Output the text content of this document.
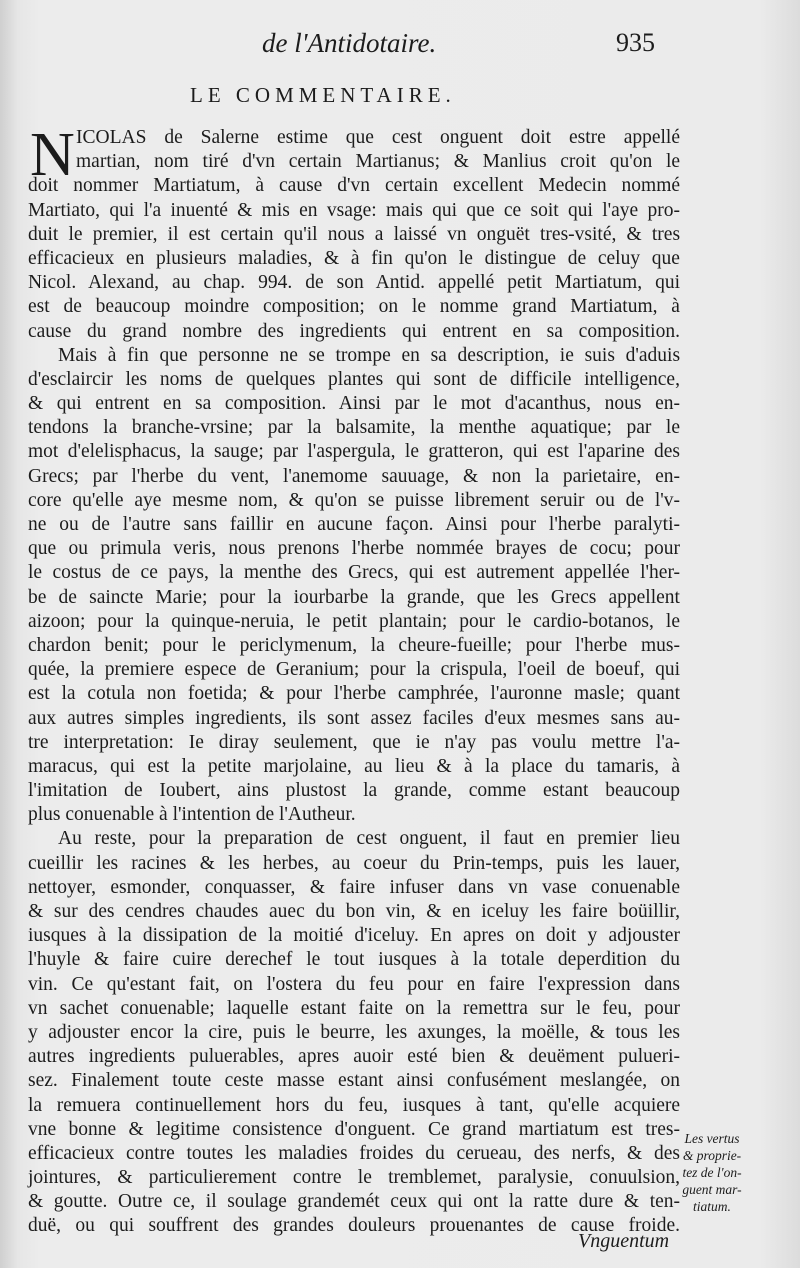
de l'Antidotaire.	935
LE COMMENTAIRE.
N ICOLAS de Salerne estime que cest onguent doit estre appellé
martian, nom tiré d'vn certain Martianus; & Manlius croit qu'on le
doit nommer Martiatum, à cause d'vn certain excellent Medecin nommé
Martiato, qui l'a inuenté & mis en vsage: mais qui que ce soit qui l'aye pro-
duit le premier, il est certain qu'il nous a laissé vn onguët tres-vsité, & tres
efficacieux en plusieurs maladies, & à fin qu'on le distingue de celuy que
Nicol. Alexand, au chap. 994. de son Antid. appellé petit Martiatum, qui
est de beaucoup moindre composition; on le nomme grand Martiatum, à
cause du grand nombre des ingredients qui entrent en sa composition.
Mais à fin que personne ne se trompe en sa description, ie suis d'aduis
d'esclaircir les noms de quelques plantes qui sont de difficile intelligence,
& qui entrent en sa composition. Ainsi par le mot d'acanthus, nous en-
tendons la branche-vrsine; par la balsamite, la menthe aquatique; par le
mot d'elelisphacus, la sauge; par l'aspergula, le gratteron, qui est l'aparine des
Grecs; par l'herbe du vent, l'anemome sauuage, & non la parietaire, en-
core qu'elle aye mesme nom, & qu'on se puisse librement seruir ou de l'v-
ne ou de l'autre sans faillir en aucune façon. Ainsi pour l'herbe paralyti-
que ou primula veris, nous prenons l'herbe nommée brayes de cocu; pour
le costus de ce pays, la menthe des Grecs, qui est autrement appellée l'her-
be de saincte Marie; pour la iourbarbe la grande, que les Grecs appellent
aizoon; pour la quinque-neruia, le petit plantain; pour le cardio-botanos, le
chardon benit; pour le periclymenum, la cheure-fueille; pour l'herbe mus-
quée, la premiere espece de Geranium; pour la crispula, l'oeil de boeuf, qui
est la cotula non foetida; & pour l'herbe camphrée, l'auronne masle; quant
aux autres simples ingredients, ils sont assez faciles d'eux mesmes sans au-
tre interpretation: Ie diray seulement, que ie n'ay pas voulu mettre l'a-
maracus, qui est la petite marjolaine, au lieu & à la place du tamaris, à
l'imitation de Ioubert, ains plustost la grande, comme estant beaucoup
plus conuenable à l'intention de l'Autheur.
Au reste, pour la preparation de cest onguent, il faut en premier lieu
cueillir les racines & les herbes, au coeur du Prin-temps, puis les lauer,
nettoyer, esmonder, conquasser, & faire infuser dans vn vase conuenable
& sur des cendres chaudes auec du bon vin, & en iceluy les faire boüillir,
iusques à la dissipation de la moitié d'iceluy. En apres on doit y adjouster
l'huyle & faire cuire derechef le tout iusques à la totale deperdition du
vin. Ce qu'estant fait, on l'ostera du feu pour en faire l'expression dans
vn sachet conuenable; laquelle estant faite on la remettra sur le feu, pour
y adjouster encor la cire, puis le beurre, les axunges, la moëlle, & tous les
autres ingredients puluerables, apres auoir esté bien & deuëment pulueri-
sez. Finalement toute ceste masse estant ainsi confusément meslangée, on
la remuera continuellement hors du feu, iusques à tant, qu'elle acquiere
vne bonne & legitime consistence d'onguent. Ce grand martiatum est tres-
efficacieux contre toutes les maladies froides du cerueau, des nerfs, & des
jointures, & particulierement contre le tremblemet, paralysie, conuulsion,
& goutte. Outre ce, il soulage grandemét ceux qui ont la ratte dure & ten-
duë, ou qui souffrent des grandes douleurs prouenantes de cause froide.
Les vertus
& proprie-
tez de l'on-
guent mar-
tiatum.
Vnguentum
